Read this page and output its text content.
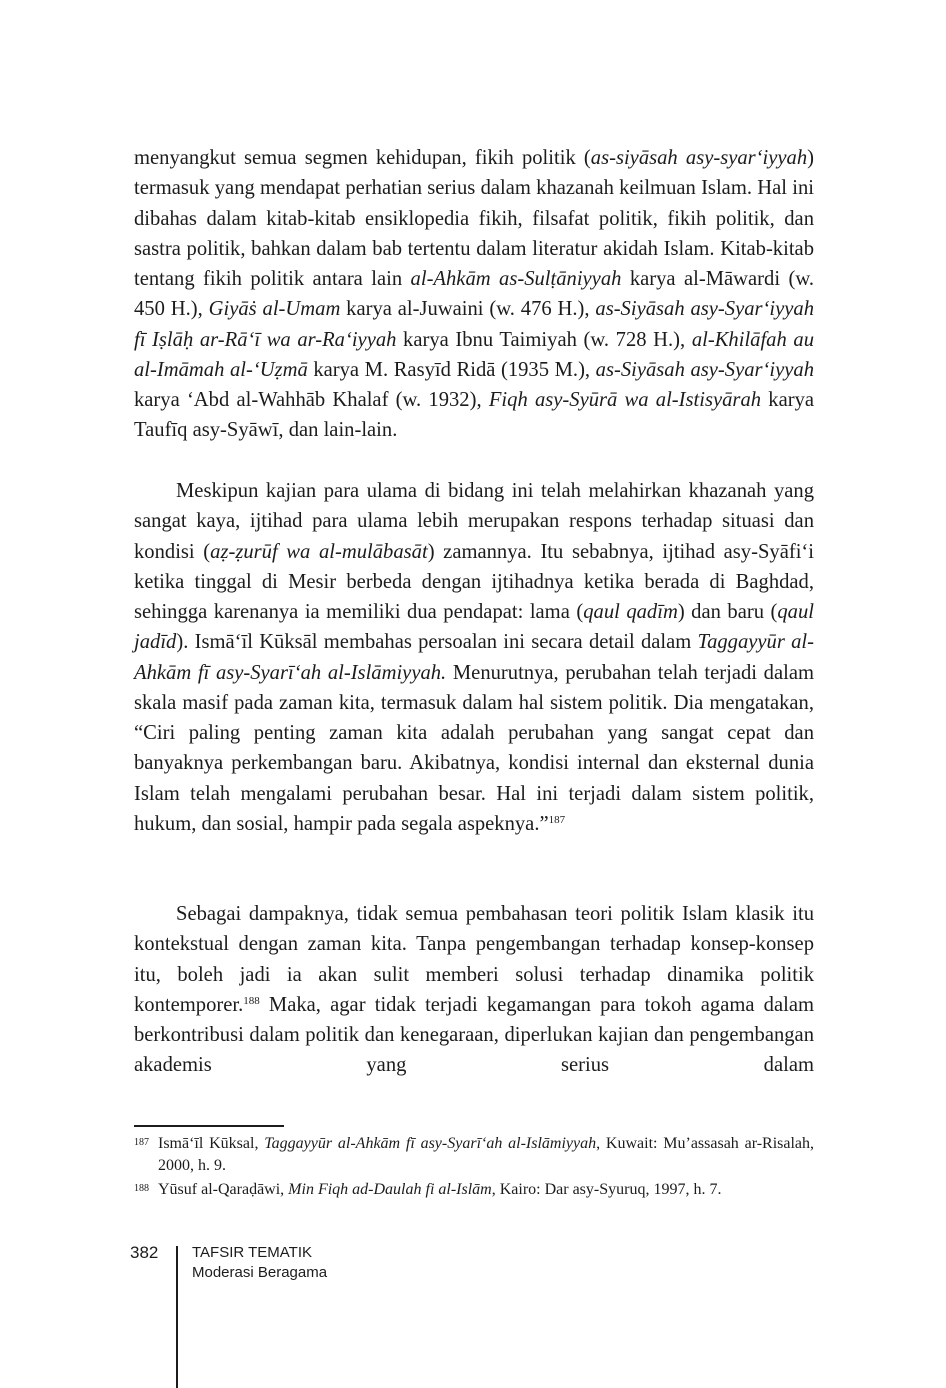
menyangkut semua segmen kehidupan, fikih politik (as-siyāsah asy-syar‘iyyah) termasuk yang mendapat perhatian serius dalam khazanah keilmuan Islam. Hal ini dibahas dalam kitab-kitab ensiklopedia fikih, filsafat politik, fikih politik, dan sastra politik, bahkan dalam bab tertentu dalam literatur akidah Islam. Kitab-kitab tentang fikih politik antara lain al-Ahkām as-Sulṭāniyyah karya al-Māwardi (w. 450 H.), Giyāṡ al-Umam karya al-Juwaini (w. 476 H.), as-Siyāsah asy-Syar‘iyyah fī Iṣlāḥ ar-Rā‘ī wa ar-Ra‘iyyah karya Ibnu Taimiyah (w. 728 H.), al-Khilāfah au al-Imāmah al-‘Uẓmā karya M. Rasyīd Ridā (1935 M.), as-Siyāsah asy-Syar‘iyyah karya ‘Abd al-Wahhāb Khalaf (w. 1932), Fiqh asy-Syūrā wa al-Istisyārah karya Taufīq asy-Syāwī, dan lain-lain.

Meskipun kajian para ulama di bidang ini telah melahirkan khazanah yang sangat kaya, ijtihad para ulama lebih merupakan respons terhadap situasi dan kondisi (aẓ-ẓurūf wa al-mulābasāt) zamannya. Itu sebabnya, ijtihad asy-Syāfi‘i ketika tinggal di Mesir berbeda dengan ijtihadnya ketika berada di Baghdad, sehingga karenanya ia memiliki dua pendapat: lama (qaul qadīm) dan baru (qaul jadīd). Ismā‘īl Kūksāl membahas persoalan ini secara detail dalam Taggayyūr al-Ahkām fī asy-Syarī‘ah al-Islāmiyyah. Menurutnya, perubahan telah terjadi dalam skala masif pada zaman kita, termasuk dalam hal sistem politik. Dia mengatakan, “Ciri paling penting zaman kita adalah perubahan yang sangat cepat dan banyaknya perkembangan baru. Akibatnya, kondisi internal dan eksternal dunia Islam telah mengalami perubahan besar. Hal ini terjadi dalam sistem politik, hukum, dan sosial, hampir pada segala aspeknya.”$^{187}$

Sebagai dampaknya, tidak semua pembahasan teori politik Islam klasik itu kontekstual dengan zaman kita. Tanpa pengembangan terhadap konsep-konsep itu, boleh jadi ia akan sulit memberi solusi terhadap dinamika politik kontemporer.$^{188}$ Maka, agar tidak terjadi kegamangan para tokoh agama dalam berkontribusi dalam politik dan kenegaraan, diperlukan kajian dan pengembangan akademis yang serius dalam

187 Ismā‘īl Kūksal, Taggayyūr al-Ahkām fī asy-Syarī‘ah al-Islāmiyyah, Kuwait: Mu’assasah ar-Risalah, 2000, h. 9.
188 Yūsuf al-Qaraḍāwi, Min Fiqh ad-Daulah fi al-Islām, Kairo: Dar asy-Syuruq, 1997, h. 7.
382 TAFSIR TEMATIK
Moderasi Beragama
